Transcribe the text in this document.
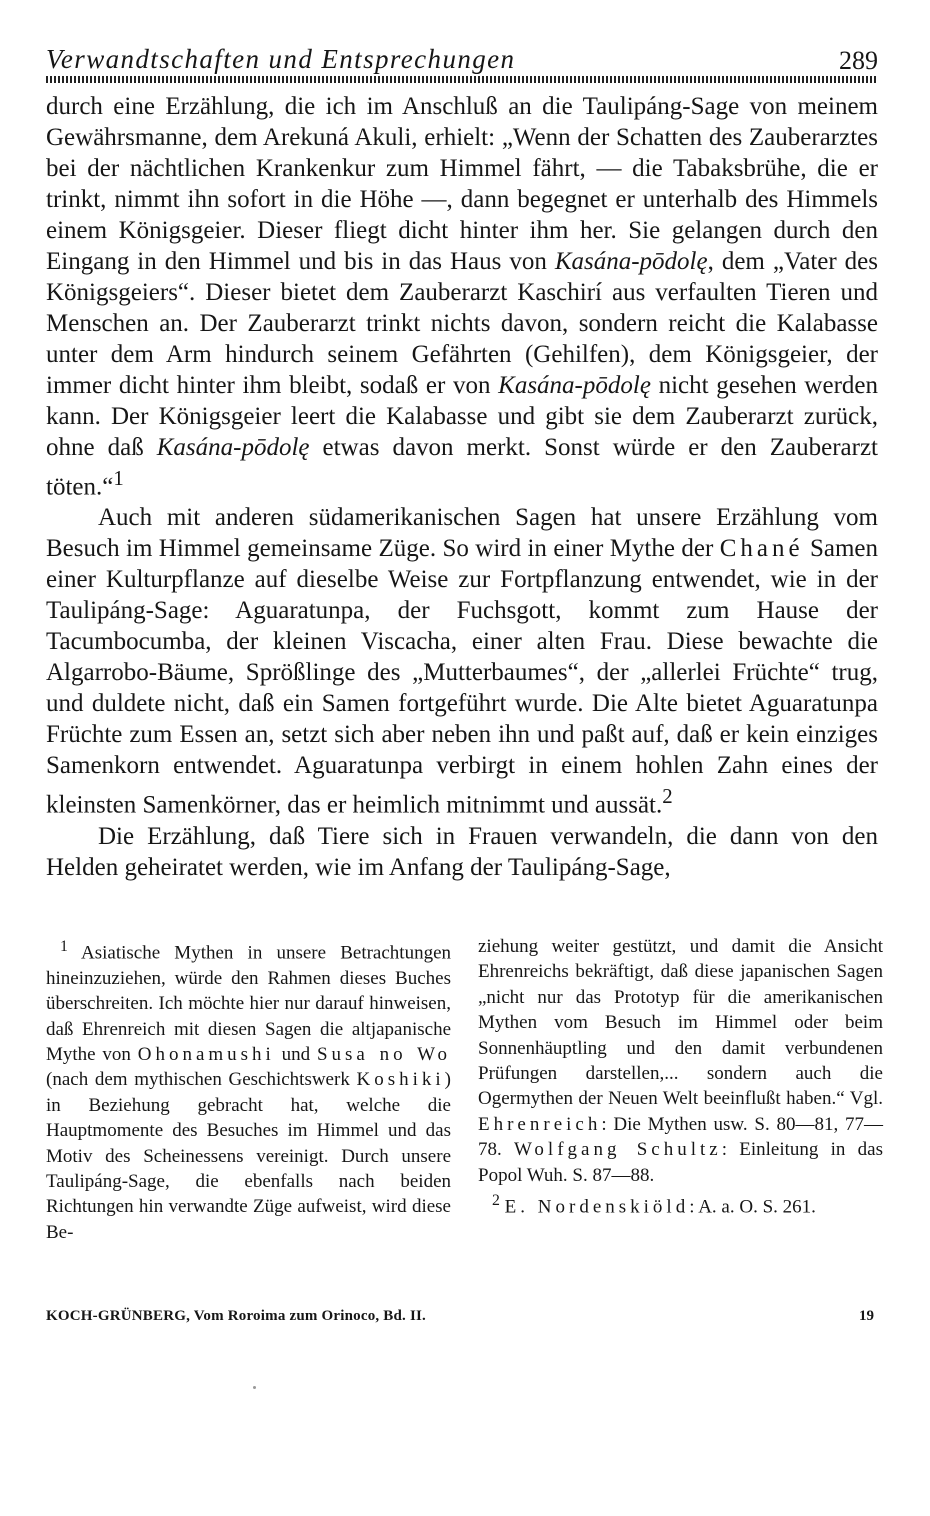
Verwandtschaften und Entsprechungen	289

durch eine Erzählung, die ich im Anschluß an die Taulipáng-Sage von meinem Gewährsmanne, dem Arekuná Akuli, erhielt: „Wenn der Schatten des Zauberarztes bei der nächtlichen Krankenkur zum Himmel fährt, — die Tabaksbrühe, die er trinkt, nimmt ihn sofort in die Höhe —, dann begegnet er unterhalb des Himmels einem Königsgeier. Dieser fliegt dicht hinter ihm her. Sie gelangen durch den Eingang in den Himmel und bis in das Haus von Kasána-pōdolę, dem „Vater des Königsgeiers“. Dieser bietet dem Zauberarzt Kaschirí aus verfaulten Tieren und Menschen an. Der Zauberarzt trinkt nichts davon, sondern reicht die Kalabasse unter dem Arm hindurch seinem Gefährten (Gehilfen), dem Königsgeier, der immer dicht hinter ihm bleibt, sodaß er von Kasána-pōdolę nicht gesehen werden kann. Der Königsgeier leert die Kalabasse und gibt sie dem Zauberarzt zurück, ohne daß Kasána-pōdolę etwas davon merkt. Sonst würde er den Zauberarzt töten.“$^1$

Auch mit anderen südamerikanischen Sagen hat unsere Erzählung vom Besuch im Himmel gemeinsame Züge. So wird in einer Mythe der Chané Samen einer Kulturpflanze auf dieselbe Weise zur Fortpflanzung entwendet, wie in der Taulipáng-Sage: Aguaratunpa, der Fuchsgott, kommt zum Hause der Tacumbocumba, der kleinen Viscacha, einer alten Frau. Diese bewachte die Algarrobo-Bäume, Sprößlinge des „Mutterbaumes“, der „allerlei Früchte“ trug, und duldete nicht, daß ein Samen fortgeführt wurde. Die Alte bietet Aguaratunpa Früchte zum Essen an, setzt sich aber neben ihn und paßt auf, daß er kein einziges Samenkorn entwendet. Aguaratunpa verbirgt in einem hohlen Zahn eines der kleinsten Samenkörner, das er heimlich mitnimmt und aussät.$^2$

Die Erzählung, daß Tiere sich in Frauen verwandeln, die dann von den Helden geheiratet werden, wie im Anfang der Taulipáng-Sage,

$^1$ Asiatische Mythen in unsere Betrachtungen hineinzuziehen, würde den Rahmen dieses Buches überschreiten. Ich möchte hier nur darauf hinweisen, daß Ehrenreich mit diesen Sagen die altjapanische Mythe von Ohonamushi und Susa no Wo (nach dem mythischen Geschichtswerk Koshiki) in Beziehung gebracht hat, welche die Hauptmomente des Besuches im Himmel und das Motiv des Scheinessens vereinigt. Durch unsere Taulipáng-Sage, die ebenfalls nach beiden Richtungen hin verwandte Züge aufweist, wird diese Be-

ziehung weiter gestützt, und damit die Ansicht Ehrenreichs bekräftigt, daß diese japanischen Sagen „nicht nur das Prototyp für die amerikanischen Mythen vom Besuch im Himmel oder beim Sonnenhäuptling und den damit verbundenen Prüfungen darstellen,... sondern auch die Ogermythen der Neuen Welt beeinflußt haben.“ Vgl. Ehrenreich: Die Mythen usw. S. 80—81, 77—78. Wolfgang Schultz: Einleitung in das Popol Wuh. S. 87—88.

$^2$ E. Nordenskiöld: A. a. O. S. 261.

KOCH-GRÜNBERG, Vom Roroima zum Orinoco, Bd. II.	19
